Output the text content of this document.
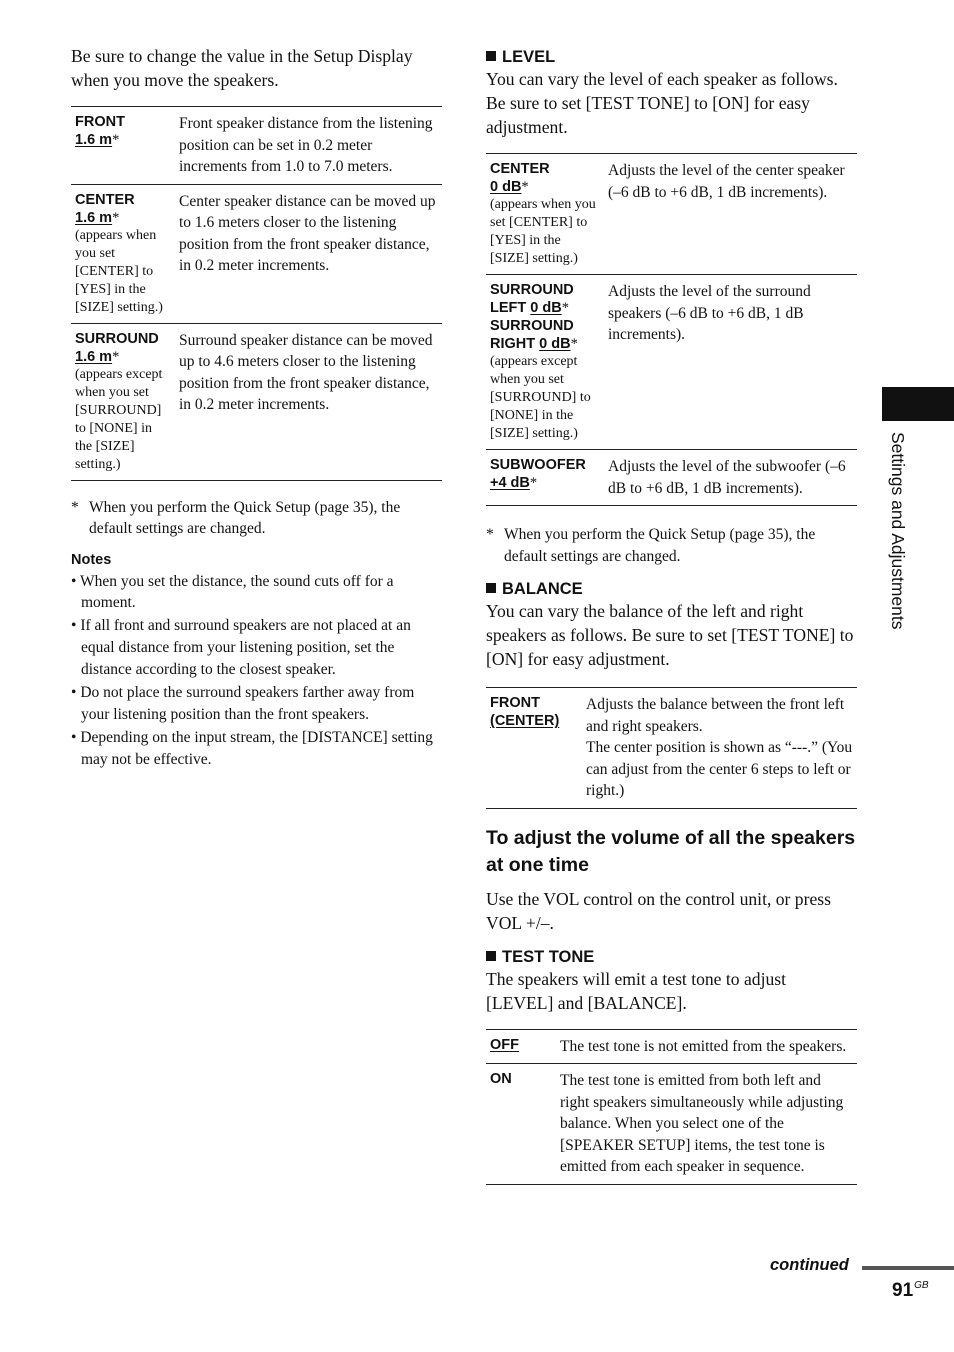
Be sure to change the value in the Setup Display when you move the speakers.

FRONT
1.6 m*	Front speaker distance from the listening position can be set in 0.2 meter increments from 1.0 to 7.0 meters.
CENTER
1.6 m*
(appears when you set [CENTER] to [YES] in the [SIZE] setting.)	Center speaker distance can be moved up to 1.6 meters closer to the listening position from the front speaker distance, in 0.2 meter increments.
SURROUND
1.6 m*
(appears except when you set [SURROUND] to [NONE] in the [SIZE] setting.)	Surround speaker distance can be moved up to 4.6 meters closer to the listening position from the front speaker distance, in 0.2 meter increments.

* When you perform the Quick Setup (page 35), the default settings are changed.

Notes

• When you set the distance, the sound cuts off for a moment.
• If all front and surround speakers are not placed at an equal distance from your listening position, set the distance according to the closest speaker.
• Do not place the surround speakers farther away from your listening position than the front speakers.
• Depending on the input stream, the [DISTANCE] setting may not be effective.

LEVEL

You can vary the level of each speaker as follows. Be sure to set [TEST TONE] to [ON] for easy adjustment.

CENTER
0 dB*
(appears when you set [CENTER] to [YES] in the [SIZE] setting.)	Adjusts the level of the center speaker (–6 dB to +6 dB, 1 dB increments).
SURROUND LEFT 0 dB*
SURROUND RIGHT 0 dB*
(appears except when you set [SURROUND] to [NONE] in the [SIZE] setting.)	Adjusts the level of the surround speakers (–6 dB to +6 dB, 1 dB increments).
SUBWOOFER
+4 dB*	Adjusts the level of the subwoofer (–6 dB to +6 dB, 1 dB increments).

* When you perform the Quick Setup (page 35), the default settings are changed.

BALANCE

You can vary the balance of the left and right speakers as follows. Be sure to set [TEST TONE] to [ON] for easy adjustment.

FRONT
(CENTER)	Adjusts the balance between the front left and right speakers.
The center position is shown as “---.” (You can adjust from the center 6 steps to left or right.)

To adjust the volume of all the speakers at one time

Use the VOL control on the control unit, or press VOL +/–.

TEST TONE

The speakers will emit a test tone to adjust [LEVEL] and [BALANCE].

OFF	The test tone is not emitted from the speakers.
ON	The test tone is emitted from both left and right speakers simultaneously while adjusting balance. When you select one of the [SPEAKER SETUP] items, the test tone is emitted from each speaker in sequence.
Settings and Adjustments
continued
$91^{GB}$
